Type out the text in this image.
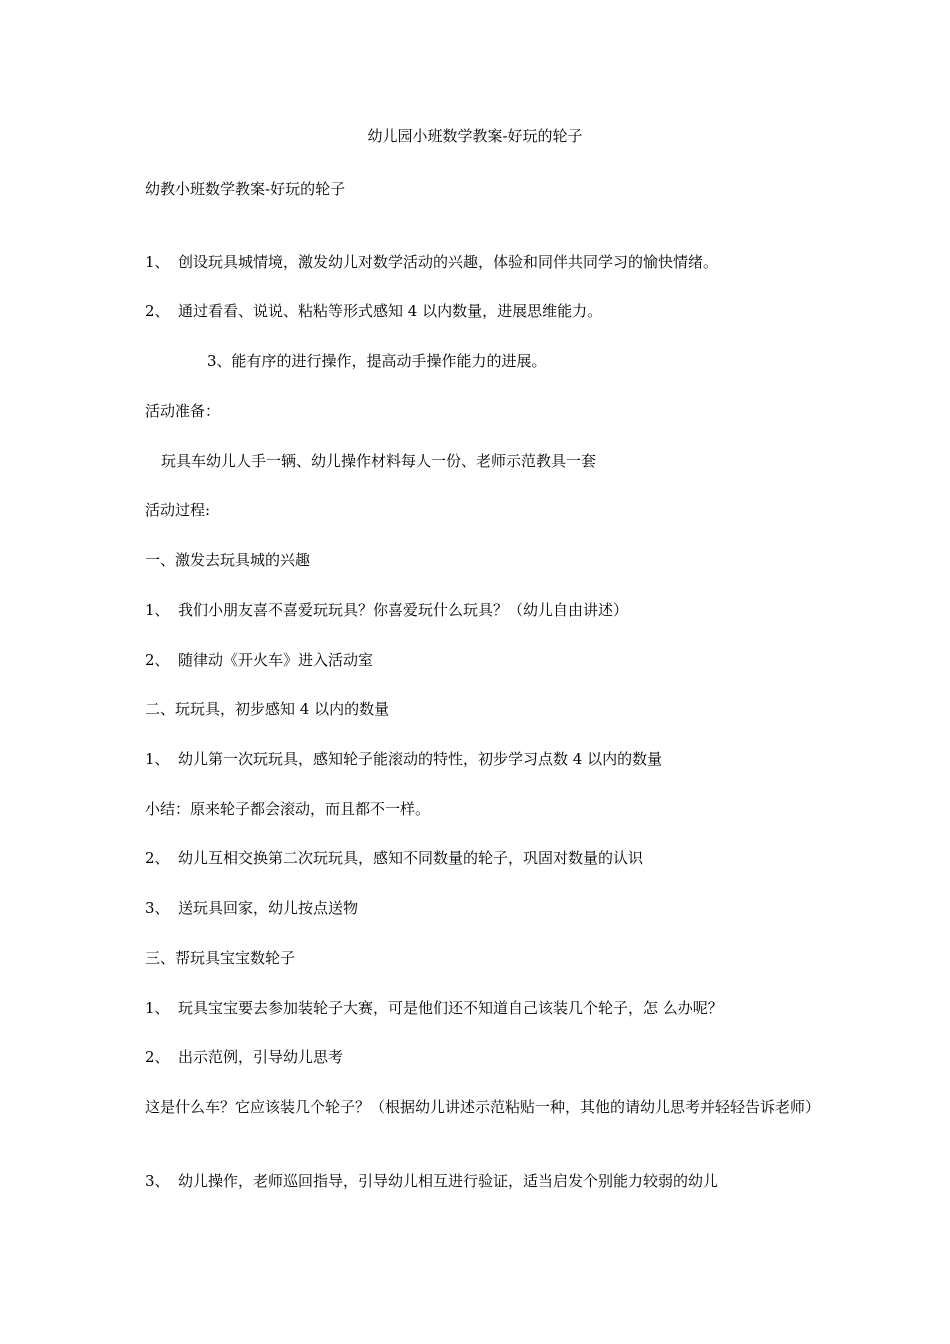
幼儿园小班数学教案-好玩的轮子
幼教小班数学教案-好玩的轮子
1、 创设玩具城情境，激发幼儿对数学活动的兴趣，体验和同伴共同学习的愉快情绪。
2、 通过看看、说说、粘粘等形式感知 4 以内数量，进展思维能力。
3、能有序的进行操作，提高动手操作能力的进展。
活动准备：
玩具车幼儿人手一辆、幼儿操作材料每人一份、老师示范教具一套
活动过程:
一、激发去玩具城的兴趣
1、 我们小朋友喜不喜爱玩玩具？你喜爱玩什么玩具？（幼儿自由讲述）
2、 随律动《开火车》进入活动室
二、玩玩具，初步感知 4 以内的数量
1、 幼儿第一次玩玩具，感知轮子能滚动的特性，初步学习点数 4 以内的数量
小结：原来轮子都会滚动，而且都不一样。
2、 幼儿互相交换第二次玩玩具，感知不同数量的轮子，巩固对数量的认识
3、 送玩具回家，幼儿按点送物
三、帮玩具宝宝数轮子
1、 玩具宝宝要去参加装轮子大赛，可是他们还不知道自己该装几个轮子，怎 么办呢？
2、 出示范例，引导幼儿思考
这是什么车？它应该装几个轮子？（根据幼儿讲述示范粘贴一种，其他的请幼儿思考并轻轻告诉老师）
3、 幼儿操作，老师巡回指导，引导幼儿相互进行验证，适当启发个别能力较弱的幼儿
